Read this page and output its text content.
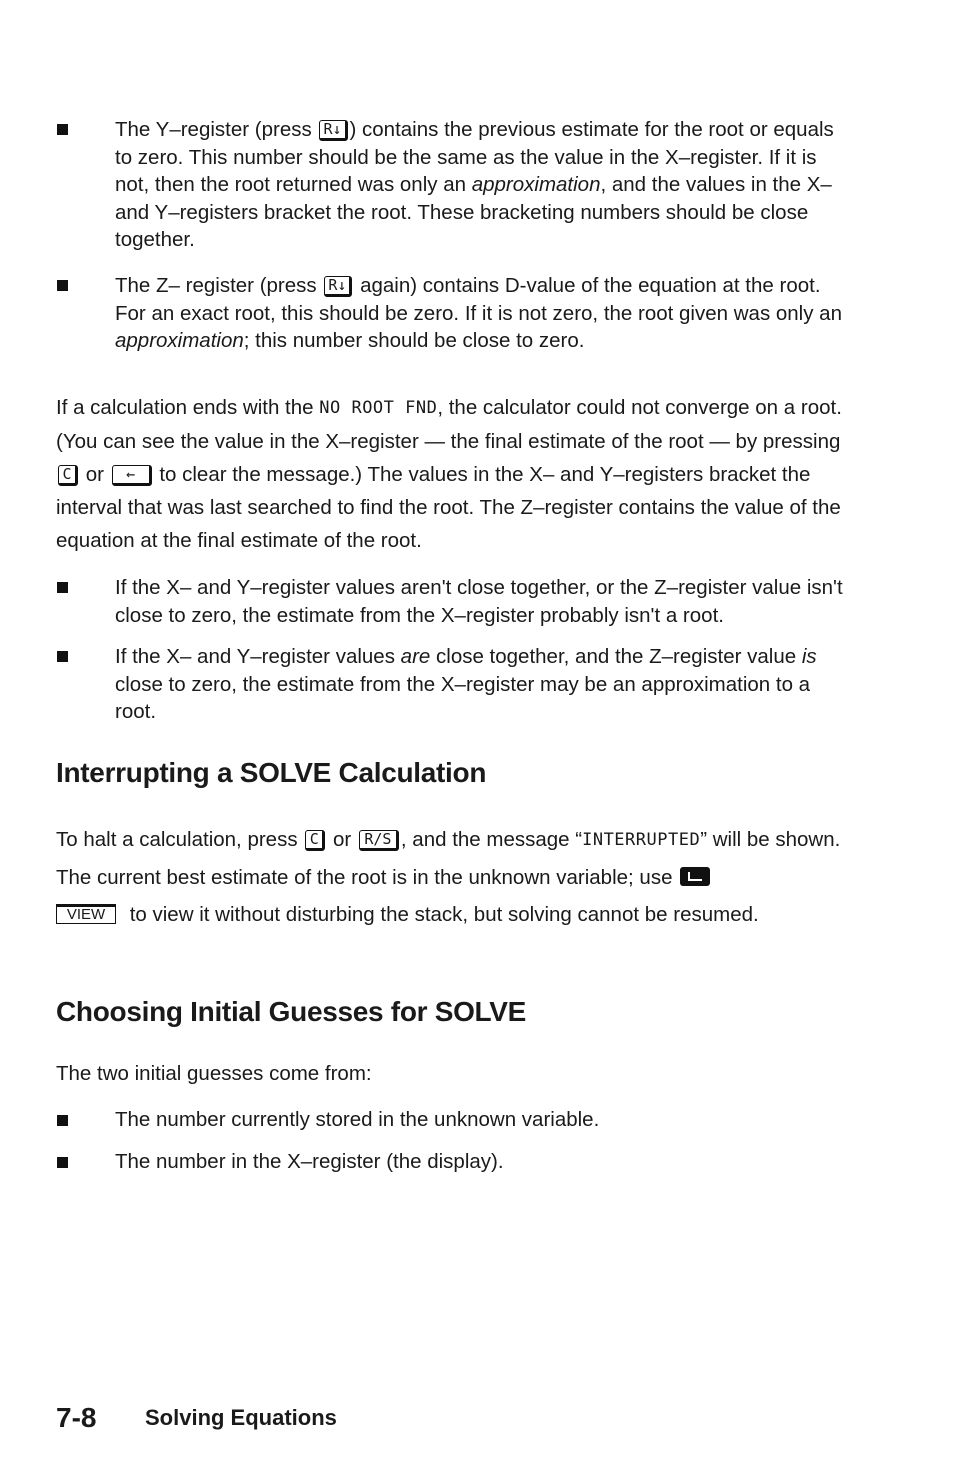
The Y–register (press R↓ ) contains the previous estimate for the root or equals to zero. This number should be the same as the value in the X–register. If it is not, then the root returned was only an approximation, and the values in the X– and Y–registers bracket the root. These bracketing numbers should be close together.
The Z– register (press R↓ again) contains D-value of the equation at the root. For an exact root, this should be zero. If it is not zero, the root given was only an approximation; this number should be close to zero.
If a calculation ends with the NO ROOT FND, the calculator could not converge on a root. (You can see the value in the X–register — the final estimate of the root — by pressing C or ← to clear the message.) The values in the X– and Y–registers bracket the interval that was last searched to find the root. The Z–register contains the value of the equation at the final estimate of the root.
If the X– and Y–register values aren't close together, or the Z–register value isn't close to zero, the estimate from the X–register probably isn't a root.
If the X– and Y–register values are close together, and the Z–register value is close to zero, the estimate from the X–register may be an approximation to a root.
Interrupting a SOLVE Calculation
To halt a calculation, press C or R/S , and the message “INTERRUPTED” will be shown. The current best estimate of the root is in the unknown variable; use
VIEW to view it without disturbing the stack, but solving cannot be resumed.
Choosing Initial Guesses for SOLVE
The two initial guesses come from:
The number currently stored in the unknown variable.
The number in the X–register (the display).
7-8 Solving Equations
